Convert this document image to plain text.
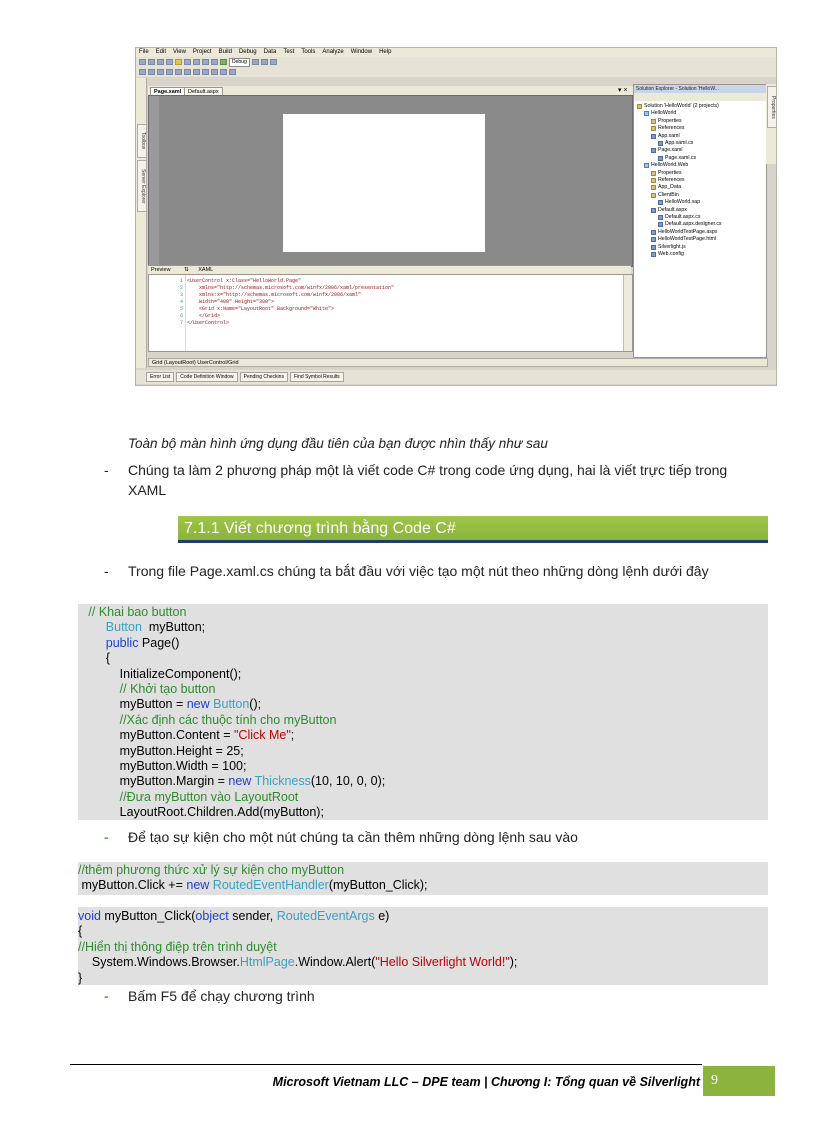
File Edit View Project Build Debug Data Test Tools Analyze Window Help
Debug
Toolbox
Server Explorer
Page.xaml	Default.aspx	▾ ×
Preview ⇅ XAML
1 <UserControl x:Class="HelloWorld.Page"
2 xmlns="http://schemas.microsoft.com/winfx/2006/xaml/presentation"
3 xmlns:x="http://schemas.microsoft.com/winfx/2006/xaml"
4 Width="400" Height="300">
5 <Grid x:Name="LayoutRoot" Background="White">
6 </Grid>
7 </UserControl>
Grid (LayoutRoot) UserControl/Grid
Error List	Code Definition Window	Pending Checkins	Find Symbol Results
Solution Explorer - Solution 'HelloW...
Solution 'HelloWorld' (2 projects)
HelloWorld
Properties
References
App.xaml
App.xaml.cs
Page.xaml
Page.xaml.cs
HelloWorld.Web
Properties
References
App_Data
ClientBin
HelloWorld.xap
Default.aspx
Default.aspx.cs
Default.aspx.designer.cs
HelloWorldTestPage.aspx
HelloWorldTestPage.html
Silverlight.js
Web.config
Properties
Toàn bộ màn hình ứng dụng đầu tiên của bạn được nhìn thấy như sau
- Chúng ta làm 2 phương pháp một là viết code C# trong code ứng dụng, hai là viết trực tiếp trong XAML
7.1.1 Viết chương trình bằng Code C#
- Trong file Page.xaml.cs chúng ta bắt đầu với việc tạo một nút theo những dòng lệnh dưới đây
// Khai bao button
Button  myButton;
public Page()
{
InitializeComponent();
// Khởi tạo button
myButton = new Button();
//Xác định các thuộc tính cho myButton
myButton.Content = "Click Me";
myButton.Height = 25;
myButton.Width = 100;
myButton.Margin = new Thickness(10, 10, 0, 0);
//Đưa myButton vào LayoutRoot
LayoutRoot.Children.Add(myButton);
- Để tạo sự kiện cho một nút chúng ta cần thêm những dòng lệnh sau vào
//thêm phương thức xử lý sự kiện cho myButton
myButton.Click += new RoutedEventHandler(myButton_Click);
void myButton_Click(object sender, RoutedEventArgs e)
{
//Hiển thị thông điệp trên trình duyệt
System.Windows.Browser.HtmlPage.Window.Alert("Hello Silverlight World!");
}
- Bấm F5 để chạy chương trình
Microsoft Vietnam LLC – DPE team | Chương I: Tổng quan về Silverlight 9
